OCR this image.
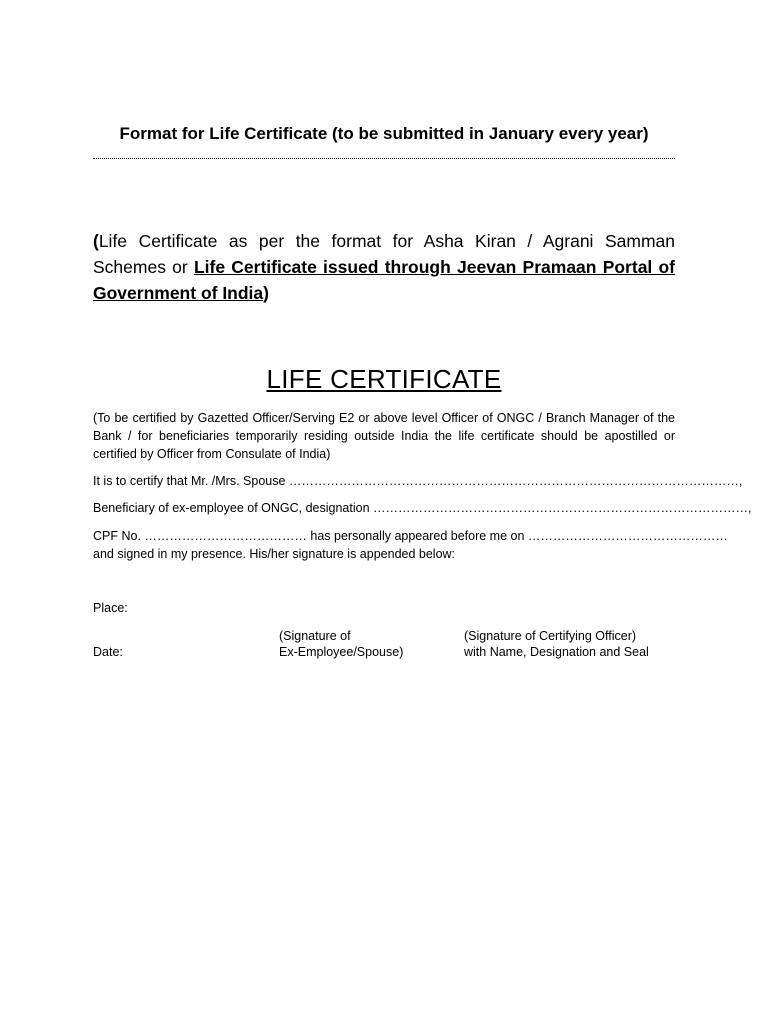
Format for Life Certificate (to be submitted in January every year)
(Life Certificate as per the format for Asha Kiran / Agrani Samman Schemes or Life Certificate issued through Jeevan Pramaan Portal of Government of India)
LIFE CERTIFICATE
(To be certified by Gazetted Officer/Serving E2 or above level Officer of ONGC / Branch Manager of the Bank / for beneficiaries temporarily residing outside India the life certificate should be apostilled or certified by Officer from Consulate of India)
It is to certify that Mr. /Mrs. Spouse ………………………………………………………………………………………………,
Beneficiary of ex-employee of ONGC, designation ………………………………………………………………………………,
CPF No. ………………………………… has personally appeared before me on …………………………………………
and signed in my presence. His/her signature is appended below:
Place:
(Signature of
Ex-Employee/Spouse)
(Signature of Certifying Officer)
with Name, Designation and Seal
Date:
